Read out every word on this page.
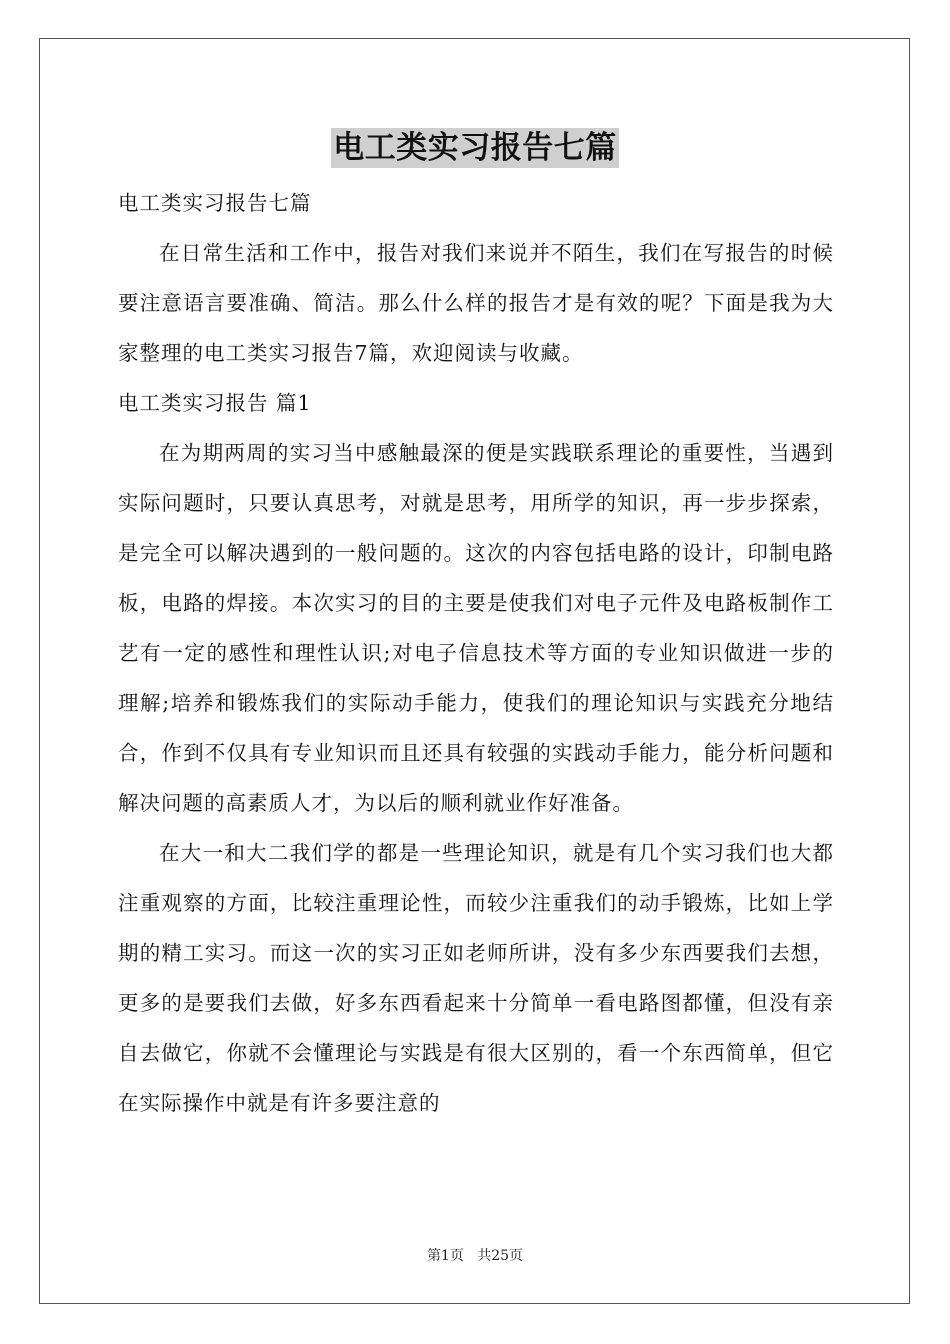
电工类实习报告七篇

电工类实习报告七篇

在日常生活和工作中，报告对我们来说并不陌生，我们在写报告的时候要注意语言要准确、简洁。那么什么样的报告才是有效的呢？下面是我为大家整理的电工类实习报告7篇，欢迎阅读与收藏。

电工类实习报告 篇1

在为期两周的实习当中感触最深的便是实践联系理论的重要性，当遇到实际问题时，只要认真思考，对就是思考，用所学的知识，再一步步探索，是完全可以解决遇到的一般问题的。这次的内容包括电路的设计，印制电路板，电路的焊接。本次实习的目的主要是使我们对电子元件及电路板制作工艺有一定的感性和理性认识;对电子信息技术等方面的专业知识做进一步的理解;培养和锻炼我们的实际动手能力，使我们的理论知识与实践充分地结合，作到不仅具有专业知识而且还具有较强的实践动手能力，能分析问题和解决问题的高素质人才，为以后的顺利就业作好准备。

在大一和大二我们学的都是一些理论知识，就是有几个实习我们也大都注重观察的方面，比较注重理论性，而较少注重我们的动手锻炼，比如上学期的精工实习。而这一次的实习正如老师所讲，没有多少东西要我们去想，更多的是要我们去做，好多东西看起来十分简单一看电路图都懂，但没有亲自去做它，你就不会懂理论与实践是有很大区别的，看一个东西简单，但它在实际操作中就是有许多要注意的

第1页 共25页
